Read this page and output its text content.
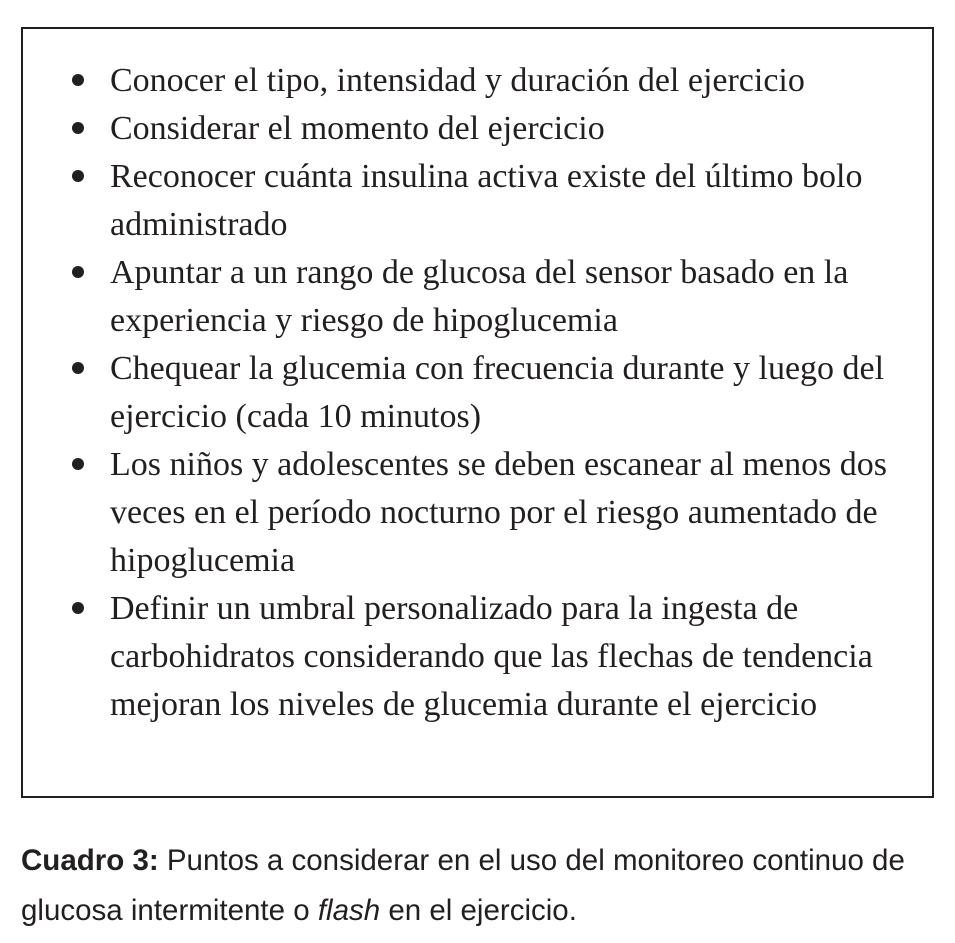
Conocer el tipo, intensidad y duración del ejercicio
Considerar el momento del ejercicio
Reconocer cuánta insulina activa existe del último bolo administrado
Apuntar a un rango de glucosa del sensor basado en la experiencia y riesgo de hipoglucemia
Chequear la glucemia con frecuencia durante y luego del ejercicio (cada 10 minutos)
Los niños y adolescentes se deben escanear al menos dos veces en el período nocturno por el riesgo aumentado de hipoglucemia
Definir un umbral personalizado para la ingesta de carbohidratos considerando que las flechas de tendencia mejoran los niveles de glucemia durante el ejercicio

Cuadro 3: Puntos a considerar en el uso del monitoreo continuo de glucosa intermitente o flash en el ejercicio.
